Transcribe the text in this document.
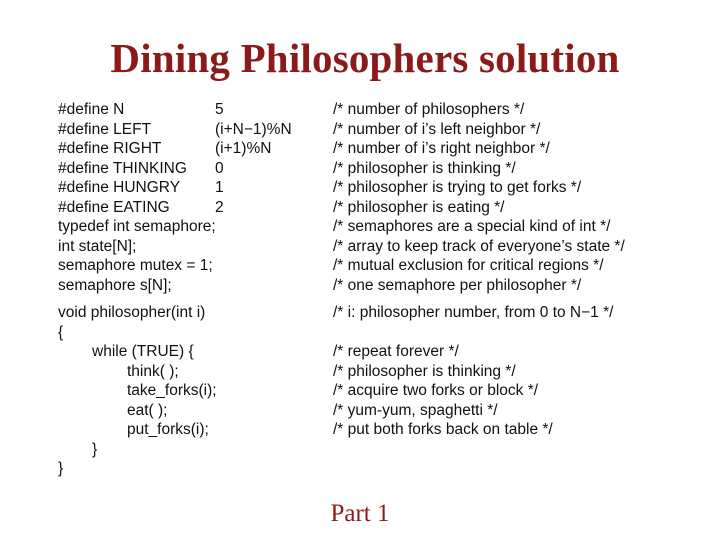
Dining Philosophers solution
#define N	5	/* number of philosophers */
#define LEFT	(i+N−1)%N	/* number of i’s left neighbor */
#define RIGHT	(i+1)%N	/* number of i’s right neighbor */
#define THINKING 0	/* philosopher is thinking */
#define HUNGRY 1	/* philosopher is trying to get forks */
#define EATING	2	/* philosopher is eating */
typedef int semaphore;	/* semaphores are a special kind of int */
int state[N];	/* array to keep track of everyone’s state */
semaphore mutex = 1;	/* mutual exclusion for critical regions */
semaphore s[N];	/* one semaphore per philosopher */
void philosopher(int i)	/* i: philosopher number, from 0 to N−1 */
{
while (TRUE) {	/* repeat forever */
think( );	/* philosopher is thinking */
take_forks(i);	/* acquire two forks or block */
eat( );	/* yum-yum, spaghetti */
put_forks(i);	/* put both forks back on table */
}
}
Part 1
